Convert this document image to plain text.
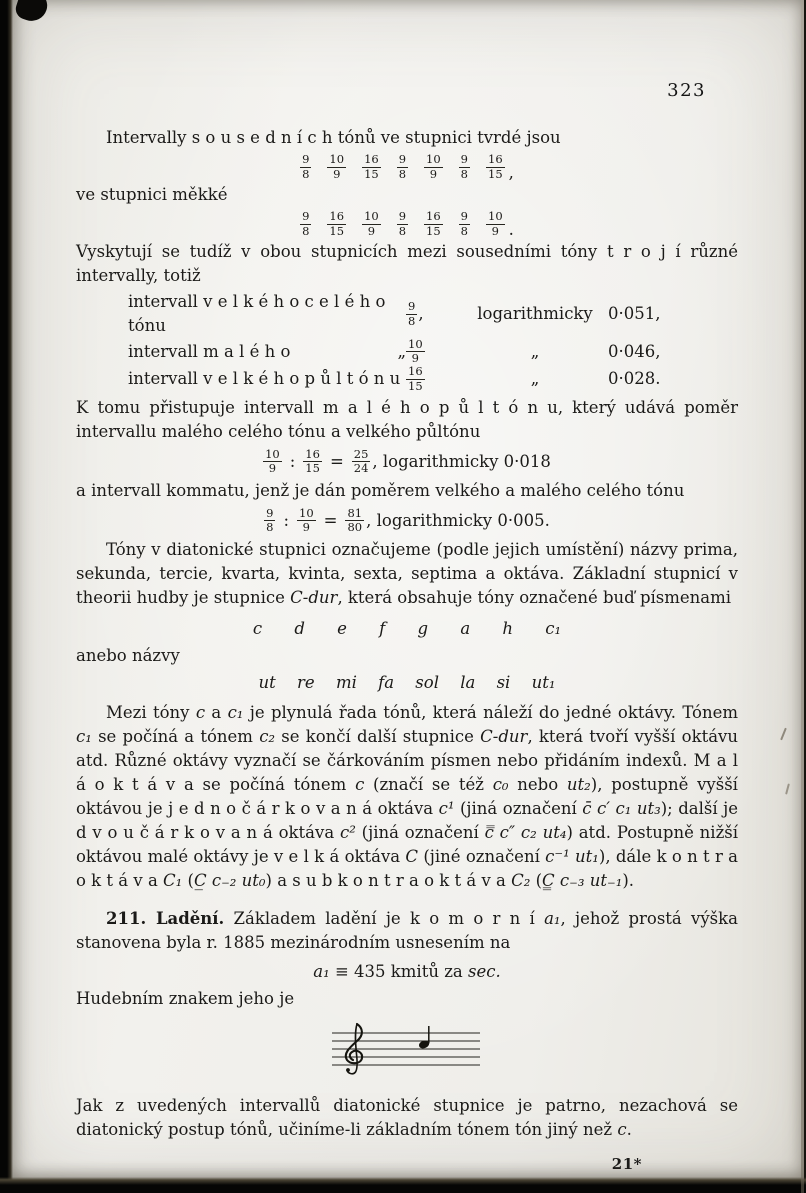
323

Intervally s o u s e d n í c h tónů ve stupnici tvrdé jsou

$\frac{9}{8} \frac{10}{9} \frac{16}{15} \frac{9}{8} \frac{10}{9} \frac{9}{8} \frac{16}{15}$ ,

ve stupnici měkké

$\frac{9}{8} \frac{16}{15} \frac{10}{9} \frac{9}{8} \frac{16}{15} \frac{9}{8} \frac{10}{9}$ .

Vyskytují se tudíž v obou stupnicích mezi sousedními tóny t r o j í různé intervally, totiž

intervall v e l k é h o c e l é h o tónu	$\frac{9}{8}$ ,	logarithmicky 0·051,
intervall m a l é h o	„ $\frac{10}{9}$	„	0·046,
intervall v e l k é h o p ů l t ó n u $\frac{16}{15}$	„	0·028.

K tomu přistupuje intervall m a l é h o p ů l t ó n u, který udává poměr intervallu malého celého tónu a velkého půltónu

$\frac{10}{9}$ : $\frac{16}{15} = \frac{25}{24}$ , logarithmicky 0·018

a intervall kommatu, jenž je dán poměrem velkého a malého celého tónu

$\frac{9}{8}$ : $\frac{10}{9} = \frac{81}{80}$ , logarithmicky 0·005.

Tóny v diatonické stupnici označujeme (podle jejich umístění) názvy prima, sekunda, tercie, kvarta, kvinta, sexta, septima a oktáva. Základní stupnicí v theorii hudby je stupnice C-dur, která obsahuje tóny označené buď písmenami

c d e f g a h c₁

anebo názvy

ut re mi fa sol la si ut₁

Mezi tóny c a c₁ je plynulá řada tónů, která náleží do jedné oktávy. Tónem c₁ se počíná a tónem c₂ se končí další stupnice C-dur, která tvoří vyšší oktávu atd. Různé oktávy vyznačí se čárkováním písmen nebo přidáním indexů. M a l á o k t á v a se počíná tónem c (značí se též c₀ nebo ut₂), postupně vyšší oktávou je j e d n o č á r k o v a n á oktáva c¹ (jiná označení c̄ c′ c₁ ut₃); další je d v o u č á r k o v a n á oktáva c² (jiná označení c̿ c″ c₂ ut₄) atd. Postupně nižší oktávou malé oktávy je v e l k á oktáva C (jiné označení c⁻¹ ut₁), dále k o n t r a o k t á v a C₁ (C̲ c₋₂ ut₀) a s u b k o n t r a o k t á v a C₂ (C̳ c₋₃ ut₋₁).

211. Ladění. Základem ladění je k o m o r n í a₁, jehož prostá výška stanovena byla r. 1885 mezinárodním usnesením na

a₁ ≡ 435 kmitů za sec.

Hudebním znakem jeho je

Jak z uvedených intervallů diatonické stupnice je patrno, nezachová se diatonický postup tónů, učiníme-li základním tónem tón jiný než c.

21*
